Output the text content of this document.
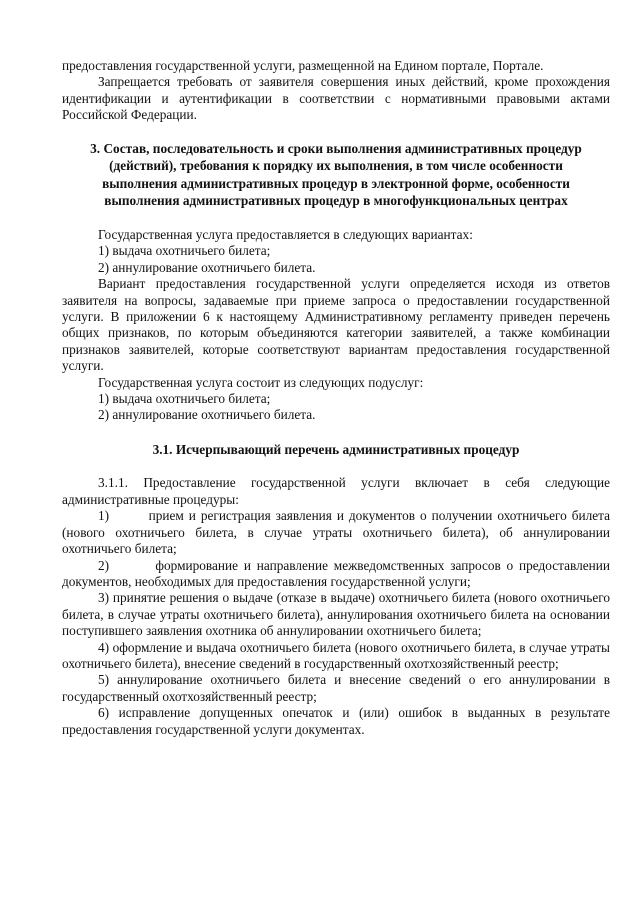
предоставления государственной услуги, размещенной на Едином портале, Портале.

Запрещается требовать от заявителя совершения иных действий, кроме прохождения идентификации и аутентификации в соответствии с нормативными правовыми актами Российской Федерации.

3. Состав, последовательность и сроки выполнения административных процедур (действий), требования к порядку их выполнения, в том числе особенности выполнения административных процедур в электронной форме, особенности выполнения административных процедур в многофункциональных центрах

Государственная услуга предоставляется в следующих вариантах:

1) выдача охотничьего билета;

2) аннулирование охотничьего билета.

Вариант предоставления государственной услуги определяется исходя из ответов заявителя на вопросы, задаваемые при приеме запроса о предоставлении государственной услуги. В приложении 6 к настоящему Административному регламенту приведен перечень общих признаков, по которым объединяются категории заявителей, а также комбинации признаков заявителей, которые соответствуют вариантам предоставления государственной услуги.

Государственная услуга состоит из следующих подуслуг:

1) выдача охотничьего билета;

2) аннулирование охотничьего билета.

3.1. Исчерпывающий перечень административных процедур

3.1.1. Предоставление государственной услуги включает в себя следующие административные процедуры:

1)        прием и регистрация заявления и документов о получении охотничьего билета (нового охотничьего билета, в случае утраты охотничьего билета), об аннулировании охотничьего билета;

2)        формирование и направление межведомственных запросов о предоставлении документов, необходимых для предоставления государственной услуги;

3) принятие решения о выдаче (отказе в выдаче) охотничьего билета (нового охотничьего билета, в случае утраты охотничьего билета), аннулирования охотничьего билета на основании поступившего заявления охотника об аннулировании охотничьего билета;

4) оформление и выдача охотничьего билета (нового охотничьего билета, в случае утраты охотничьего билета), внесение сведений в государственный охотхозяйственный реестр;

5) аннулирование охотничьего билета и внесение сведений о его аннулировании в государственный охотхозяйственный реестр;

6) исправление допущенных опечаток и (или) ошибок в выданных в результате предоставления государственной услуги документах.
